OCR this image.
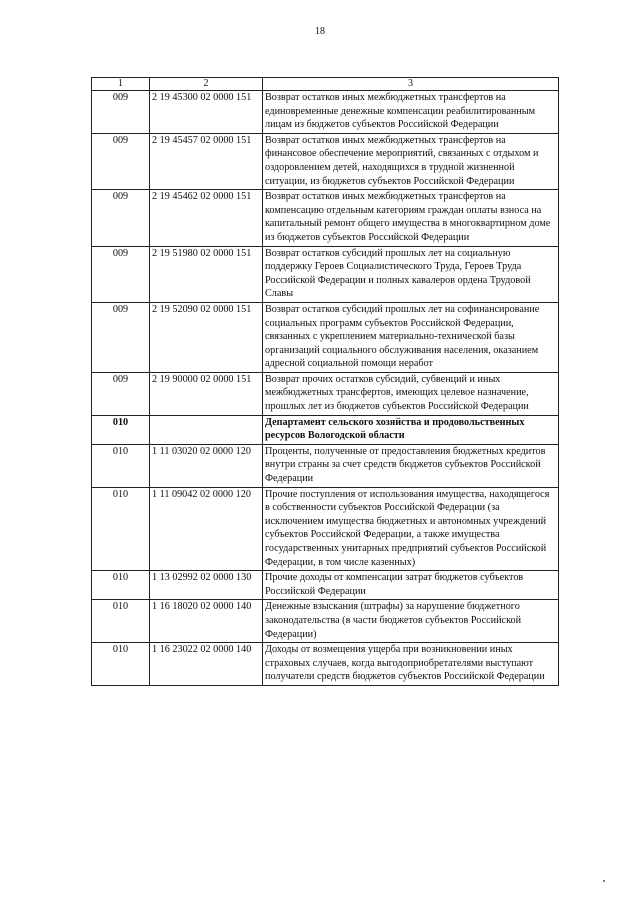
18
1	2	3
009	2 19 45300 02 0000 151	Возврат остатков иных межбюджетных трансфертов на единовременные денежные компенсации реабилитированным лицам из бюджетов субъектов Российской Федерации
009	2 19 45457 02 0000 151	Возврат остатков иных межбюджетных трансфертов на финансовое обеспечение мероприятий, связанных с отдыхом и оздоровлением детей, находящихся в трудной жизненной ситуации, из бюджетов субъектов Российской Федерации
009	2 19 45462 02 0000 151	Возврат остатков иных межбюджетных трансфертов на компенсацию отдельным категориям граждан оплаты взноса на капитальный ремонт общего имущества в многоквартирном доме из бюджетов субъектов Российской Федерации
009	2 19 51980 02 0000 151	Возврат остатков субсидий прошлых лет на социальную поддержку Героев Социалистического Труда, Героев Труда Российской Федерации и полных кавалеров ордена Трудовой Славы
009	2 19 52090 02 0000 151	Возврат остатков субсидий прошлых лет на софинансирование социальных программ субъектов Российской Федерации, связанных с укреплением материально-технической базы организаций социального обслуживания населения, оказанием адресной социальной помощи неработ
009	2 19 90000 02 0000 151	Возврат прочих остатков субсидий, субвенций и иных межбюджетных трансфертов, имеющих целевое назначение, прошлых лет из бюджетов субъектов Российской Федерации
010		Департамент сельского хозяйства и продовольственных ресурсов Вологодской области
010	1 11 03020 02 0000 120	Проценты, полученные от предоставления бюджетных кредитов внутри страны за счет средств бюджетов субъектов Российской Федерации
010	1 11 09042 02 0000 120	Прочие поступления от использования имущества, находящегося в собственности субъектов Российской Федерации (за исключением имущества бюджетных и автономных учреждений субъектов Российской Федерации, а также имущества государственных унитарных предприятий субъектов Российской Федерации, в том числе казенных)
010	1 13 02992 02 0000 130	Прочие доходы от компенсации затрат бюджетов субъектов Российской Федерации
010	1 16 18020 02 0000 140	Денежные взыскания (штрафы) за нарушение бюджетного законодательства (в части бюджетов субъектов Российской Федерации)
010	1 16 23022 02 0000 140	Доходы от возмещения ущерба при возникновении иных страховых случаев, когда выгодоприобретателями выступают получатели средств бюджетов субъектов Российской Федерации
